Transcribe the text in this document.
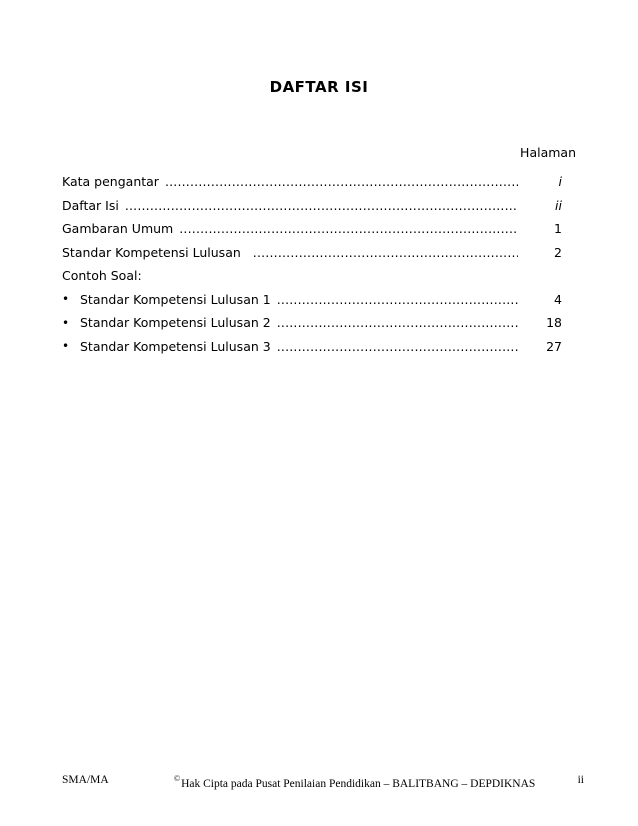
DAFTAR ISI
Halaman
Kata pengantar .....	i
Daftar Isi .....	ii
Gambaran Umum .....	1
Standar Kompetensi Lulusan .....	2
Contoh Soal:
• Standar Kompetensi Lulusan 1 .....	4
• Standar Kompetensi Lulusan 2 .....	18
• Standar Kompetensi Lulusan 3 .....	27
SMA/MA	©Hak Cipta pada Pusat Penilaian Pendidikan – BALITBANG – DEPDIKNAS	ii
